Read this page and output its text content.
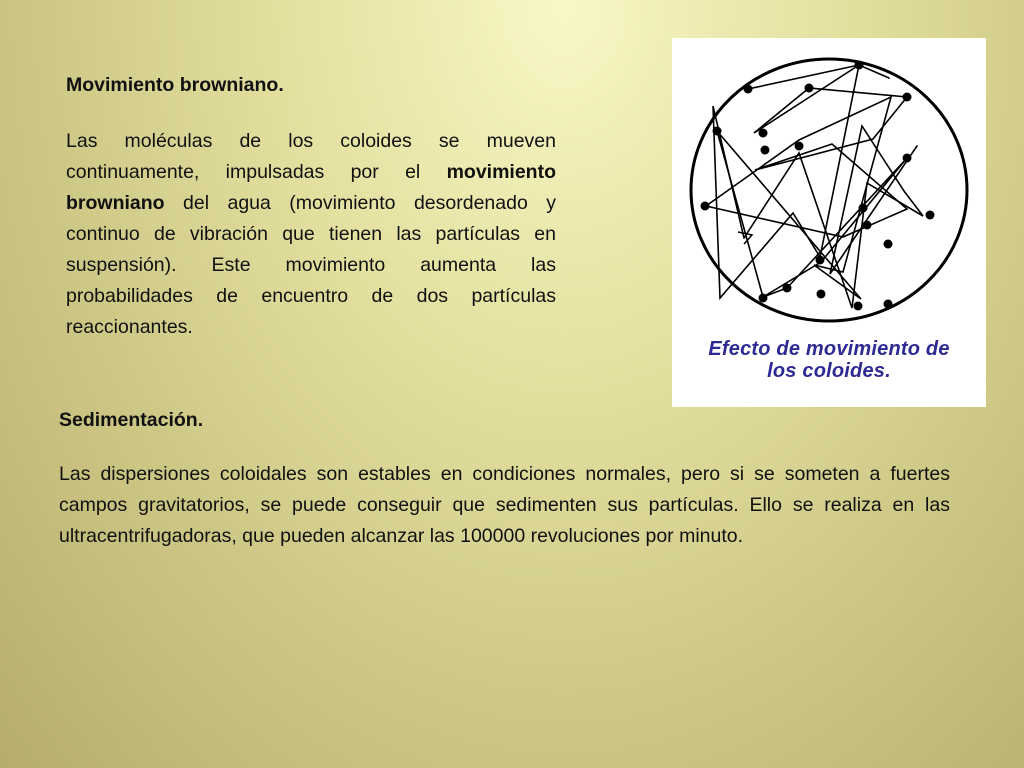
Movimiento browniano.

Las moléculas de los coloides se mueven continuamente, impulsadas por el movimiento browniano del agua (movimiento desordenado y continuo de vibración que tienen las partículas en suspensión). Este movimiento aumenta las probabilidades de encuentro de dos partículas reaccionantes.

Efecto de movimiento de
los coloides.

Sedimentación.

Las dispersiones coloidales son estables en condiciones normales, pero si se someten a fuertes campos gravitatorios, se puede conseguir que sedimenten sus partículas. Ello se realiza en las ultracentrifugadoras, que pueden alcanzar las 100000 revoluciones por minuto.
